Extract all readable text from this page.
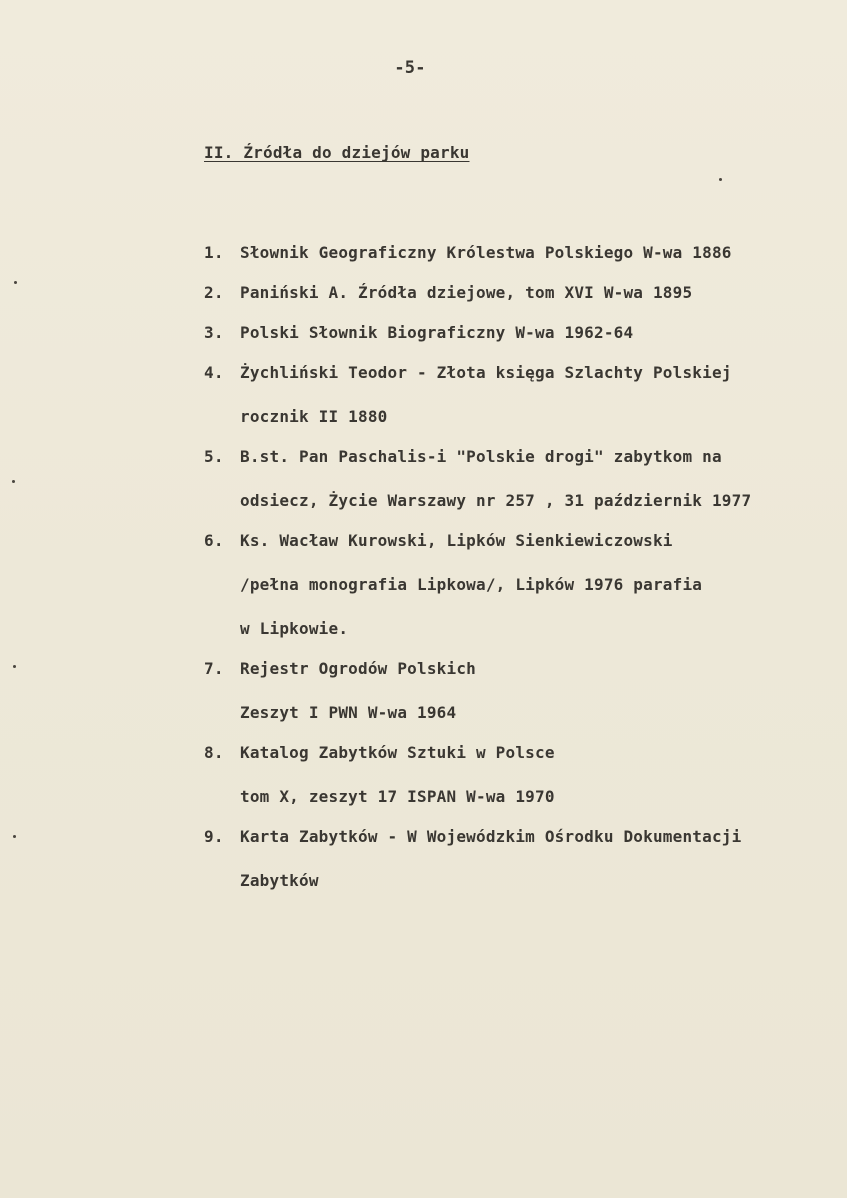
-5-
II. Źródła do dziejów parku
1.	Słownik Geograficzny Królestwa Polskiego W-wa 1886
2.	Paniński A. Źródła dziejowe, tom XVI W-wa 1895
3.	Polski Słownik Biograficzny W-wa 1962-64
4.	Żychliński Teodor - Złota księga Szlachty Polskiej
rocznik II 1880
5.	B.st. Pan Paschalis-i "Polskie drogi" zabytkom na
odsiecz, Życie Warszawy nr 257 , 31 październik 1977
6.	Ks. Wacław Kurowski, Lipków Sienkiewiczowski
/pełna monografia Lipkowa/, Lipków 1976 parafia
w Lipkowie.
7.	Rejestr Ogrodów Polskich
Zeszyt I PWN W-wa 1964
8.	Katalog Zabytków Sztuki w Polsce
tom X, zeszyt 17 ISPAN W-wa 1970
9.	Karta Zabytków - W Wojewódzkim Ośrodku Dokumentacji
Zabytków
